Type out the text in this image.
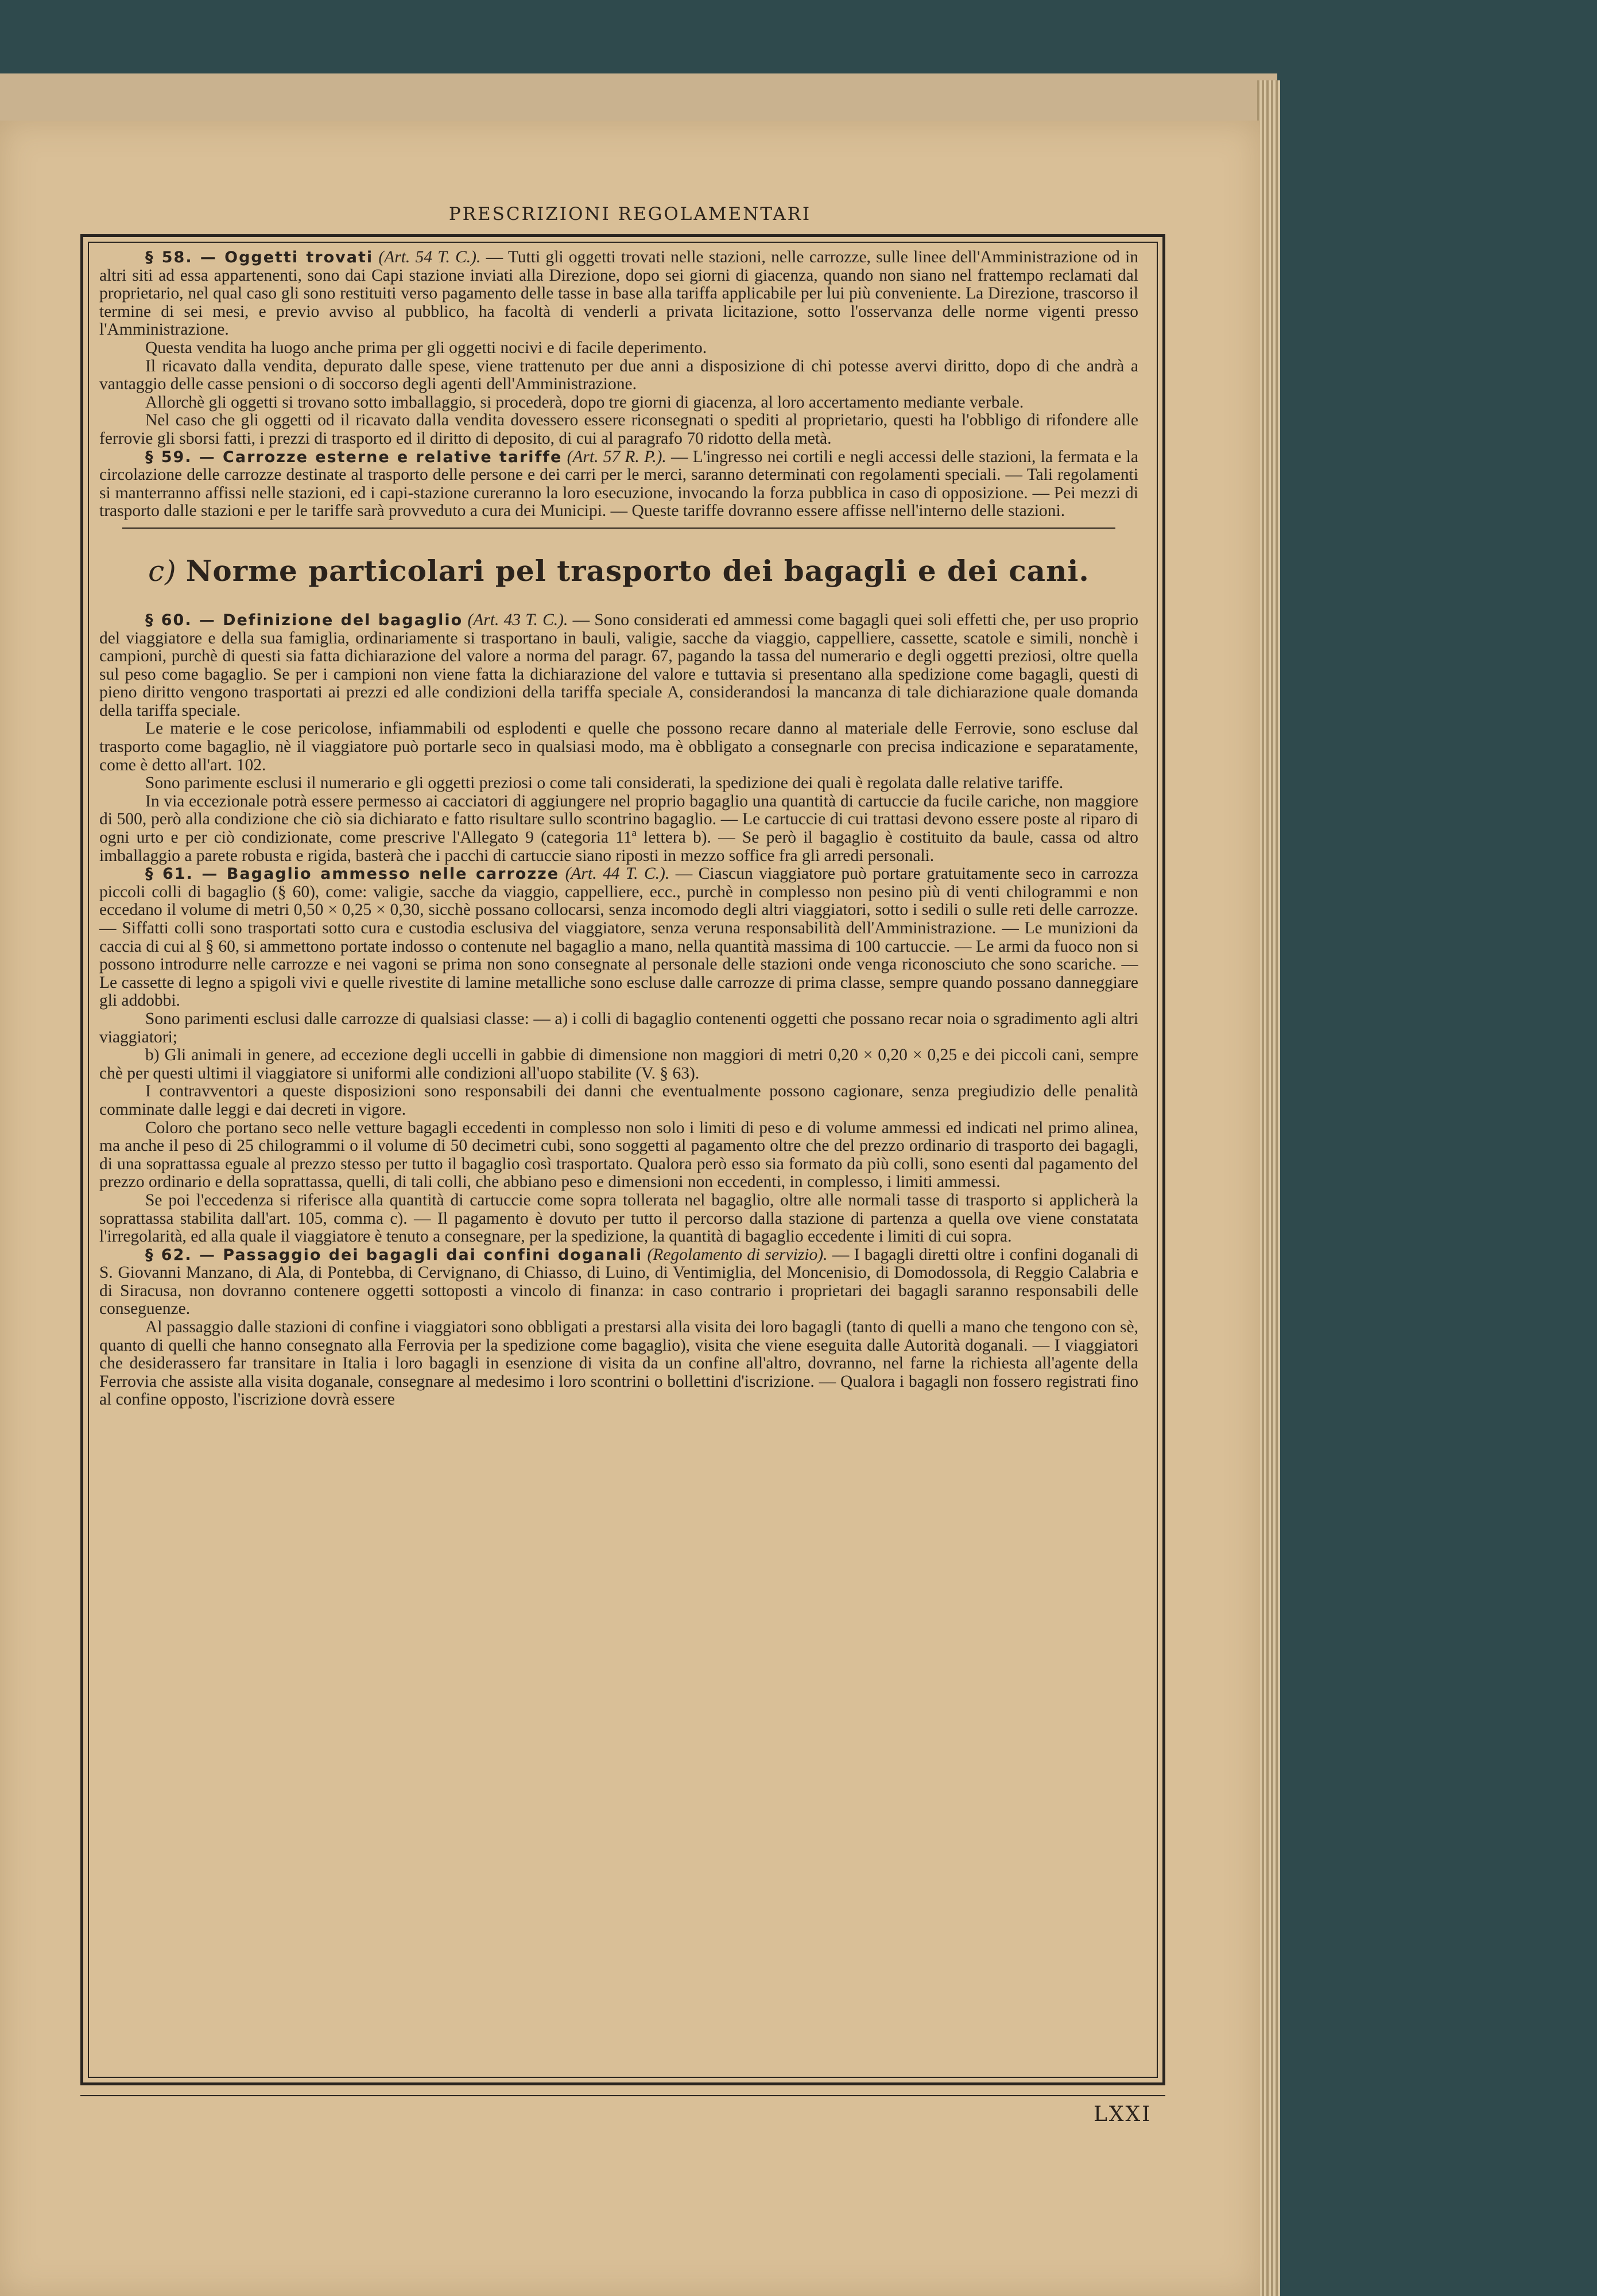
PRESCRIZIONI REGOLAMENTARI

§ 58. — Oggetti trovati (Art. 54 T. C.). — Tutti gli oggetti trovati nelle stazioni, nelle carrozze, sulle linee dell'Amministrazione od in altri siti ad essa appartenenti, sono dai Capi stazione inviati alla Direzione, dopo sei giorni di giacenza, quando non siano nel frattempo reclamati dal proprietario, nel qual caso gli sono restituiti verso pagamento delle tasse in base alla tariffa applicabile per lui più conveniente. La Direzione, trascorso il termine di sei mesi, e previo avviso al pubblico, ha facoltà di venderli a privata licitazione, sotto l'osservanza delle norme vigenti presso l'Amministrazione.

Questa vendita ha luogo anche prima per gli oggetti nocivi e di facile deperimento.

Il ricavato dalla vendita, depurato dalle spese, viene trattenuto per due anni a disposizione di chi potesse avervi diritto, dopo di che andrà a vantaggio delle casse pensioni o di soccorso degli agenti dell'Amministrazione.

Allorchè gli oggetti si trovano sotto imballaggio, si procederà, dopo tre giorni di giacenza, al loro accertamento mediante verbale.

Nel caso che gli oggetti od il ricavato dalla vendita dovessero essere riconsegnati o spediti al proprietario, questi ha l'obbligo di rifondere alle ferrovie gli sborsi fatti, i prezzi di trasporto ed il diritto di deposito, di cui al paragrafo 70 ridotto della metà.

§ 59. — Carrozze esterne e relative tariffe (Art. 57 R. P.). — L'ingresso nei cortili e negli accessi delle stazioni, la fermata e la circolazione delle carrozze destinate al trasporto delle persone e dei carri per le merci, saranno determinati con regolamenti speciali. — Tali regolamenti si manterranno affissi nelle stazioni, ed i capi-stazione cureranno la loro esecuzione, invocando la forza pubblica in caso di opposizione. — Pei mezzi di trasporto dalle stazioni e per le tariffe sarà provveduto a cura dei Municipi. — Queste tariffe dovranno essere affisse nell'interno delle stazioni.

c) Norme particolari pel trasporto dei bagagli e dei cani.

§ 60. — Definizione del bagaglio (Art. 43 T. C.). — Sono considerati ed ammessi come bagagli quei soli effetti che, per uso proprio del viaggiatore e della sua famiglia, ordinariamente si trasportano in bauli, valigie, sacche da viaggio, cappelliere, cassette, scatole e simili, nonchè i campioni, purchè di questi sia fatta dichiarazione del valore a norma del paragr. 67, pagando la tassa del numerario e degli oggetti preziosi, oltre quella sul peso come bagaglio. Se per i campioni non viene fatta la dichiarazione del valore e tuttavia si presentano alla spedizione come bagagli, questi di pieno diritto vengono trasportati ai prezzi ed alle condizioni della tariffa speciale A, considerandosi la mancanza di tale dichiarazione quale domanda della tariffa speciale.

Le materie e le cose pericolose, infiammabili od esplodenti e quelle che possono recare danno al materiale delle Ferrovie, sono escluse dal trasporto come bagaglio, nè il viaggiatore può portarle seco in qualsiasi modo, ma è obbligato a consegnarle con precisa indicazione e separatamente, come è detto all'art. 102.

Sono parimente esclusi il numerario e gli oggetti preziosi o come tali considerati, la spedizione dei quali è regolata dalle relative tariffe.

In via eccezionale potrà essere permesso ai cacciatori di aggiungere nel proprio bagaglio una quantità di cartuccie da fucile cariche, non maggiore di 500, però alla condizione che ciò sia dichiarato e fatto risultare sullo scontrino bagaglio. — Le cartuccie di cui trattasi devono essere poste al riparo di ogni urto e per ciò condizionate, come prescrive l'Allegato 9 (categoria 11ª lettera b). — Se però il bagaglio è costituito da baule, cassa od altro imballaggio a parete robusta e rigida, basterà che i pacchi di cartuccie siano riposti in mezzo soffice fra gli arredi personali.

§ 61. — Bagaglio ammesso nelle carrozze (Art. 44 T. C.). — Ciascun viaggiatore può portare gratuitamente seco in carrozza piccoli colli di bagaglio (§ 60), come: valigie, sacche da viaggio, cappelliere, ecc., purchè in complesso non pesino più di venti chilogrammi e non eccedano il volume di metri 0,50 × 0,25 × 0,30, sicchè possano collocarsi, senza incomodo degli altri viaggiatori, sotto i sedili o sulle reti delle carrozze. — Siffatti colli sono trasportati sotto cura e custodia esclusiva del viaggiatore, senza veruna responsabilità dell'Amministrazione. — Le munizioni da caccia di cui al § 60, si ammettono portate indosso o contenute nel bagaglio a mano, nella quantità massima di 100 cartuccie. — Le armi da fuoco non si possono introdurre nelle carrozze e nei vagoni se prima non sono consegnate al personale delle stazioni onde venga riconosciuto che sono scariche. — Le cassette di legno a spigoli vivi e quelle rivestite di lamine metalliche sono escluse dalle carrozze di prima classe, sempre quando possano danneggiare gli addobbi.

Sono parimenti esclusi dalle carrozze di qualsiasi classe: — a) i colli di bagaglio contenenti oggetti che possano recar noia o sgradimento agli altri viaggiatori;

b) Gli animali in genere, ad eccezione degli uccelli in gabbie di dimensione non maggiori di metri 0,20 × 0,20 × 0,25 e dei piccoli cani, sempre chè per questi ultimi il viaggiatore si uniformi alle condizioni all'uopo stabilite (V. § 63).

I contravventori a queste disposizioni sono responsabili dei danni che eventualmente possono cagionare, senza pregiudizio delle penalità comminate dalle leggi e dai decreti in vigore.

Coloro che portano seco nelle vetture bagagli eccedenti in complesso non solo i limiti di peso e di volume ammessi ed indicati nel primo alinea, ma anche il peso di 25 chilogrammi o il volume di 50 decimetri cubi, sono soggetti al pagamento oltre che del prezzo ordinario di trasporto dei bagagli, di una soprattassa eguale al prezzo stesso per tutto il bagaglio così trasportato. Qualora però esso sia formato da più colli, sono esenti dal pagamento del prezzo ordinario e della soprattassa, quelli, di tali colli, che abbiano peso e dimensioni non eccedenti, in complesso, i limiti ammessi.

Se poi l'eccedenza si riferisce alla quantità di cartuccie come sopra tollerata nel bagaglio, oltre alle normali tasse di trasporto si applicherà la soprattassa stabilita dall'art. 105, comma c). — Il pagamento è dovuto per tutto il percorso dalla stazione di partenza a quella ove viene constatata l'irregolarità, ed alla quale il viaggiatore è tenuto a consegnare, per la spedizione, la quantità di bagaglio eccedente i limiti di cui sopra.

§ 62. — Passaggio dei bagagli dai confini doganali (Regolamento di servizio). — I bagagli diretti oltre i confini doganali di S. Giovanni Manzano, di Ala, di Pontebba, di Cervignano, di Chiasso, di Luino, di Ventimiglia, del Moncenisio, di Domodossola, di Reggio Calabria e di Siracusa, non dovranno contenere oggetti sottoposti a vincolo di finanza: in caso contrario i proprietari dei bagagli saranno responsabili delle conseguenze.

Al passaggio dalle stazioni di confine i viaggiatori sono obbligati a prestarsi alla visita dei loro bagagli (tanto di quelli a mano che tengono con sè, quanto di quelli che hanno consegnato alla Ferrovia per la spedizione come bagaglio), visita che viene eseguita dalle Autorità doganali. — I viaggiatori che desiderassero far transitare in Italia i loro bagagli in esenzione di visita da un confine all'altro, dovranno, nel farne la richiesta all'agente della Ferrovia che assiste alla visita doganale, consegnare al medesimo i loro scontrini o bollettini d'iscrizione. — Qualora i bagagli non fossero registrati fino al confine opposto, l'iscrizione dovrà essere

LXXI
